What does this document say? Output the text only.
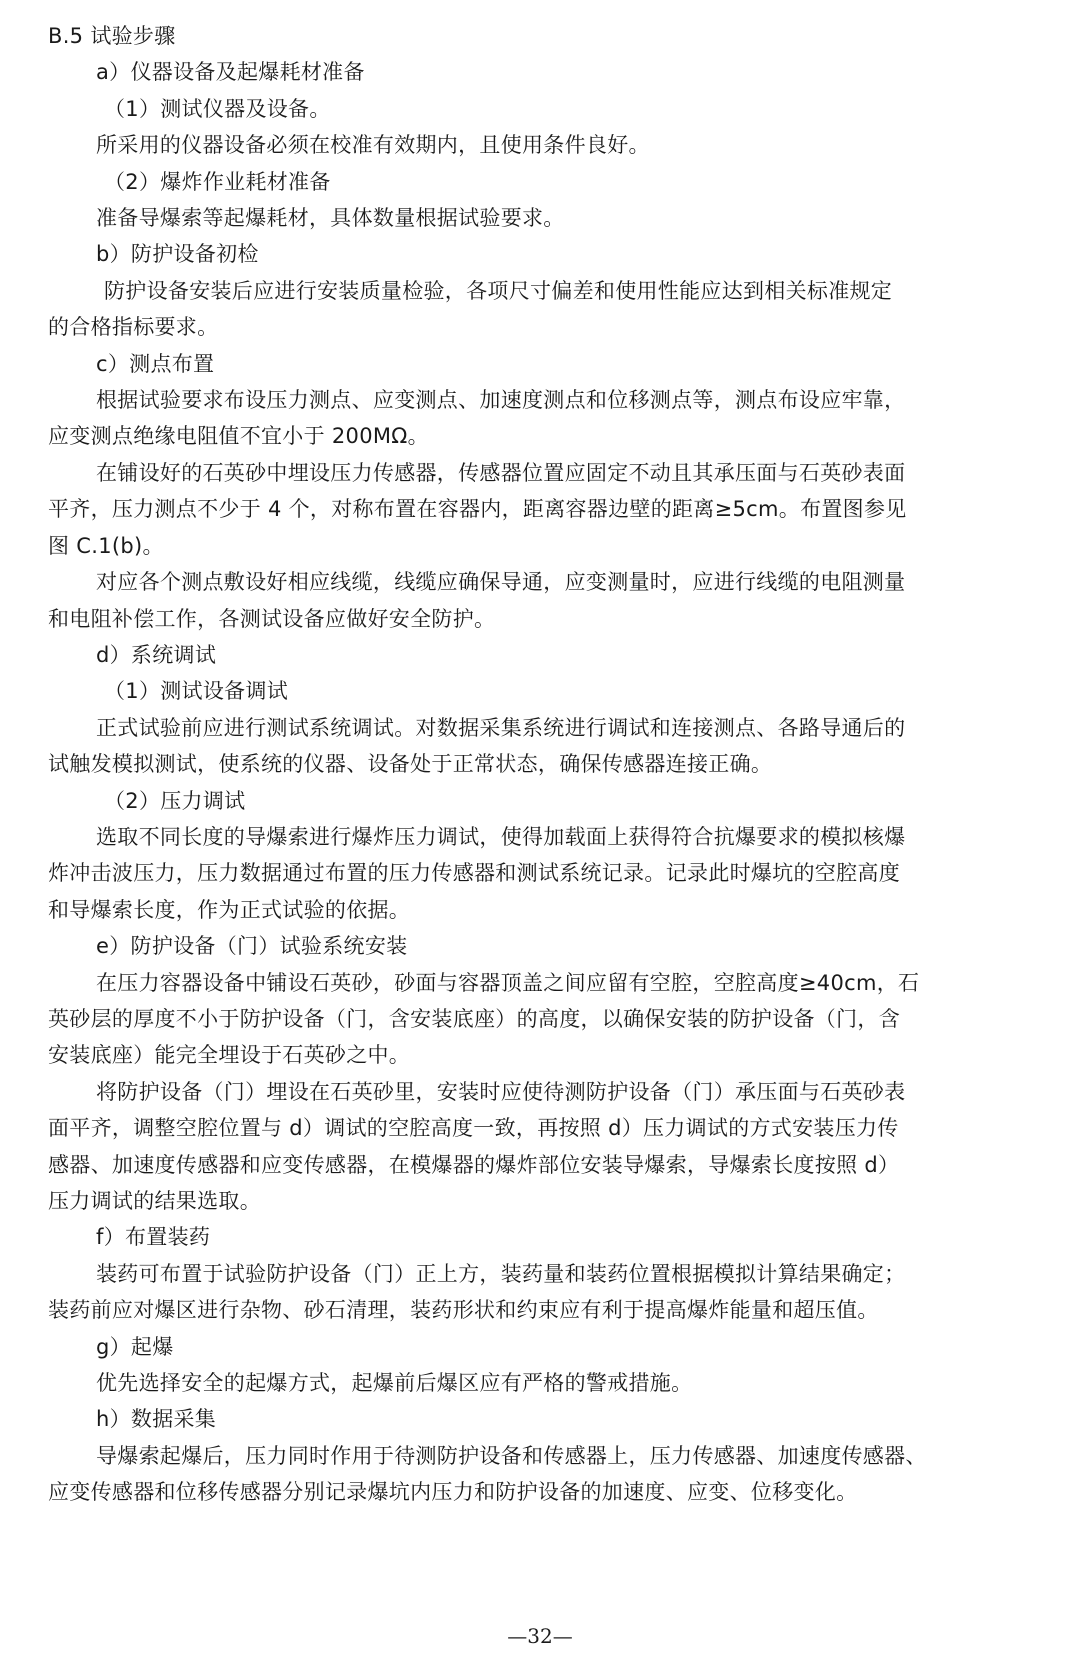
B.5 试验步骤
a）仪器设备及起爆耗材准备
（1）测试仪器及设备。
所采用的仪器设备必须在校准有效期内，且使用条件良好。
（2）爆炸作业耗材准备
准备导爆索等起爆耗材，具体数量根据试验要求。
b）防护设备初检
防护设备安装后应进行安装质量检验，各项尺寸偏差和使用性能应达到相关标准规定
的合格指标要求。
c）测点布置
根据试验要求布设压力测点、应变测点、加速度测点和位移测点等，测点布设应牢靠，
应变测点绝缘电阻值不宜小于 200MΩ。
在铺设好的石英砂中埋设压力传感器，传感器位置应固定不动且其承压面与石英砂表面
平齐，压力测点不少于 4 个，对称布置在容器内，距离容器边壁的距离≥5cm。布置图参见
图 C.1(b)。
对应各个测点敷设好相应线缆，线缆应确保导通，应变测量时，应进行线缆的电阻测量
和电阻补偿工作，各测试设备应做好安全防护。
d）系统调试
（1）测试设备调试
正式试验前应进行测试系统调试。对数据采集系统进行调试和连接测点、各路导通后的
试触发模拟测试，使系统的仪器、设备处于正常状态，确保传感器连接正确。
（2）压力调试
选取不同长度的导爆索进行爆炸压力调试，使得加载面上获得符合抗爆要求的模拟核爆
炸冲击波压力，压力数据通过布置的压力传感器和测试系统记录。记录此时爆坑的空腔高度
和导爆索长度，作为正式试验的依据。
e）防护设备（门）试验系统安装
在压力容器设备中铺设石英砂，砂面与容器顶盖之间应留有空腔，空腔高度≥40cm，石
英砂层的厚度不小于防护设备（门，含安装底座）的高度，以确保安装的防护设备（门，含
安装底座）能完全埋设于石英砂之中。
将防护设备（门）埋设在石英砂里，安装时应使待测防护设备（门）承压面与石英砂表
面平齐，调整空腔位置与 d）调试的空腔高度一致，再按照 d）压力调试的方式安装压力传
感器、加速度传感器和应变传感器，在模爆器的爆炸部位安装导爆索，导爆索长度按照 d）
压力调试的结果选取。
f）布置装药
装药可布置于试验防护设备（门）正上方，装药量和装药位置根据模拟计算结果确定；
装药前应对爆区进行杂物、砂石清理，装药形状和约束应有利于提高爆炸能量和超压值。
g）起爆
优先选择安全的起爆方式，起爆前后爆区应有严格的警戒措施。
h）数据采集
导爆索起爆后，压力同时作用于待测防护设备和传感器上，压力传感器、加速度传感器、
应变传感器和位移传感器分别记录爆坑内压力和防护设备的加速度、应变、位移变化。
—32—
